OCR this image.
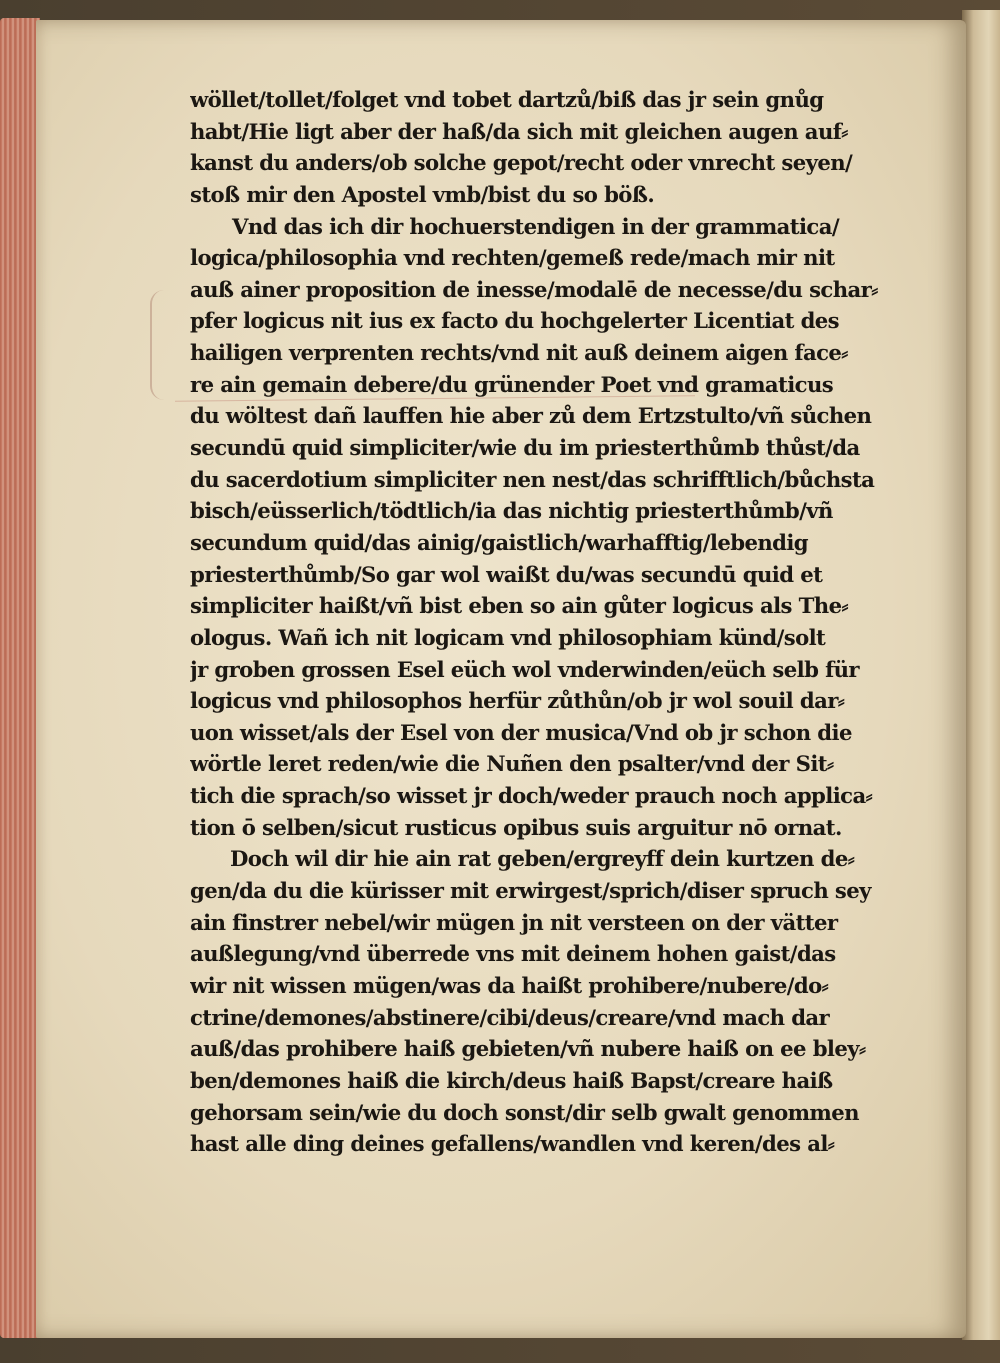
wöllet/tollet/folget vnd tobet dartzů/biß das jr sein gnůg
habt/Hie ligt aber der haß/da sich mit gleichen augen auf⸗
kanst du anders/ob solche gepot/recht oder vnrecht seyen/
stoß mir den Apostel vmb/bist du so böß.
Vnd das ich dir hochuerstendigen in der grammatica/
logica/philosophia vnd rechten/gemeß rede/mach mir nit
auß ainer proposition de inesse/modalē de necesse/du schar⸗
pfer logicus nit ius ex facto du hochgelerter Licentiat des
hailigen verprenten rechts/vnd nit auß deinem aigen face⸗
re ain gemain debere/du grünender Poet vnd gramaticus
du wöltest dañ lauffen hie aber zů dem Ertzstulto/vñ sůchen
secundū quid simpliciter/wie du im priesterthůmb thůst/da
du sacerdotium simpliciter nen nest/das schrifftlich/bůchsta
bisch/eüsserlich/tödtlich/ia das nichtig priesterthůmb/vñ
secundum quid/das ainig/gaistlich/warhafftig/lebendig
priesterthůmb/So gar wol waißt du/was secundū quid et
simpliciter haißt/vñ bist eben so ain gůter logicus als The⸗
ologus. Wañ ich nit logicam vnd philosophiam künd/solt
jr groben grossen Esel eüch wol vnderwinden/eüch selb für
logicus vnd philosophos herfür zůthůn/ob jr wol souil dar⸗
uon wisset/als der Esel von der musica/Vnd ob jr schon die
wörtle leret reden/wie die Nuñen den psalter/vnd der Sit⸗
tich die sprach/so wisset jr doch/weder prauch noch applica⸗
tion ō selben/sicut rusticus opibus suis arguitur nō ornat.
Doch wil dir hie ain rat geben/ergreyff dein kurtzen de⸗
gen/da du die kürisser mit erwirgest/sprich/diser spruch sey
ain finstrer nebel/wir mügen jn nit versteen on der vätter
außlegung/vnd überrede vns mit deinem hohen gaist/das
wir nit wissen mügen/was da haißt prohibere/nubere/do⸗
ctrine/demones/abstinere/cibi/deus/creare/vnd mach dar
auß/das prohibere haiß gebieten/vñ nubere haiß on ee bley⸗
ben/demones haiß die kirch/deus haiß Bapst/creare haiß
gehorsam sein/wie du doch sonst/dir selb gwalt genommen
hast alle ding deines gefallens/wandlen vnd keren/des al⸗
